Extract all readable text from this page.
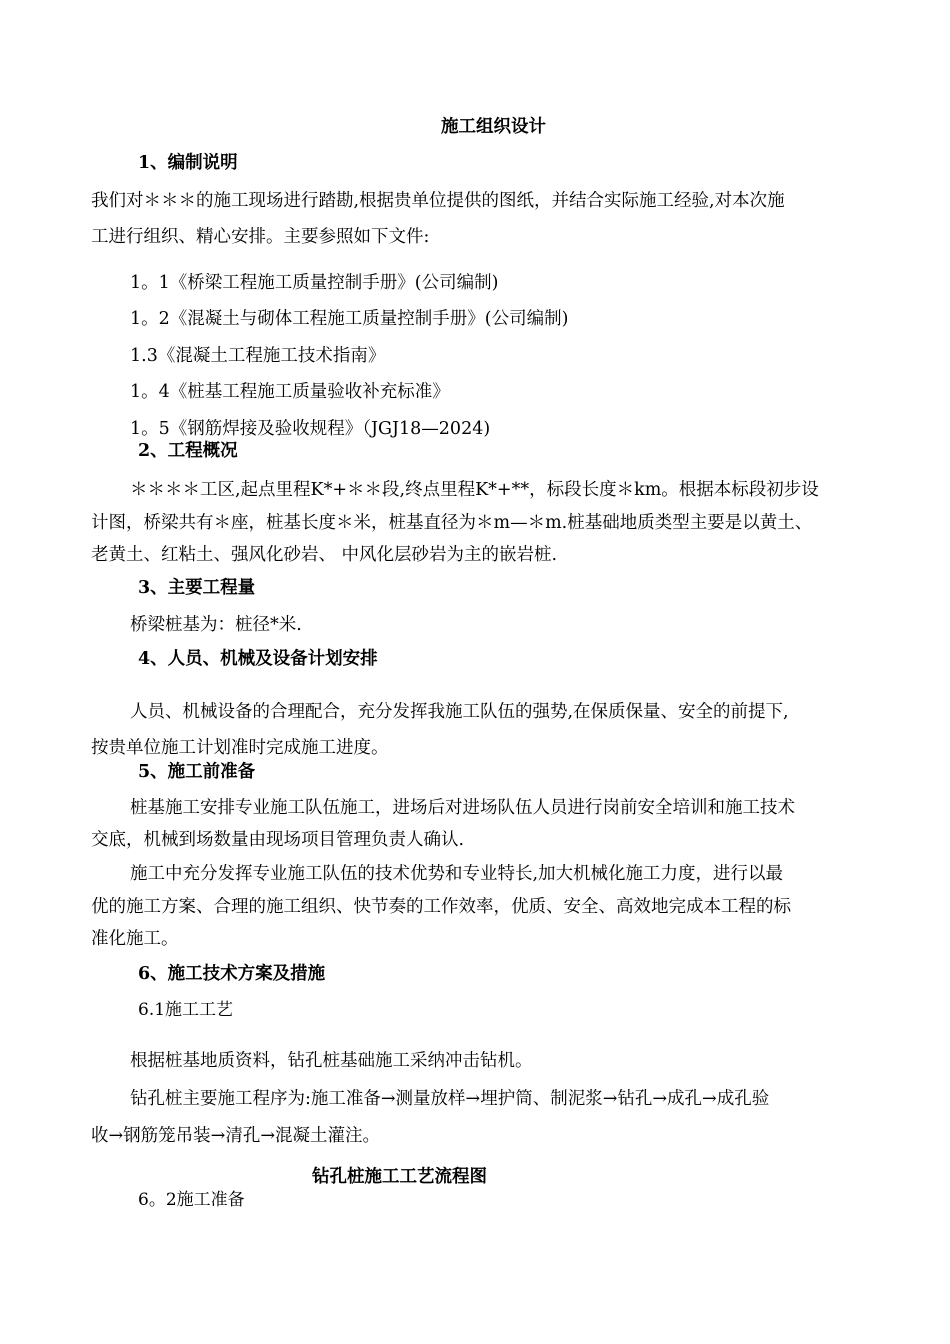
施工组织设计
1、编制说明
我们对＊＊＊的施工现场进行踏勘,根据贵单位提供的图纸，并结合实际施工经验,对本次施
工进行组织、精心安排。主要参照如下文件:
1。1《桥梁工程施工质量控制手册》(公司编制)
1。2《混凝土与砌体工程施工质量控制手册》(公司编制)
1.3《混凝土工程施工技术指南》
1。4《桩基工程施工质量验收补充标准》
1。5《钢筋焊接及验收规程》（JGJ18—2024)
2、工程概况
＊＊＊＊工区,起点里程K*+＊＊段,终点里程K*+**，标段长度＊km。根据本标段初步设
计图，桥梁共有＊座，桩基长度＊米，桩基直径为＊m—＊m.桩基础地质类型主要是以黄土、
老黄土、红粘土、强风化砂岩、 中风化层砂岩为主的嵌岩桩.
3、主要工程量
桥梁桩基为：桩径*米.
4、人员、机械及设备计划安排
人员、机械设备的合理配合，充分发挥我施工队伍的强势,在保质保量、安全的前提下,
按贵单位施工计划准时完成施工进度。
5、施工前准备
桩基施工安排专业施工队伍施工，进场后对进场队伍人员进行岗前安全培训和施工技术
交底，机械到场数量由现场项目管理负责人确认.
施工中充分发挥专业施工队伍的技术优势和专业特长,加大机械化施工力度，进行以最
优的施工方案、合理的施工组织、快节奏的工作效率，优质、安全、高效地完成本工程的标
准化施工。
6、施工技术方案及措施
6.1施工工艺
根据桩基地质资料，钻孔桩基础施工采纳冲击钻机。
钻孔桩主要施工程序为:施工准备→测量放样→埋护筒、制泥浆→钻孔→成孔→成孔验
收→钢筋笼吊装→清孔→混凝土灌注。
钻孔桩施工工艺流程图
6。2施工准备
